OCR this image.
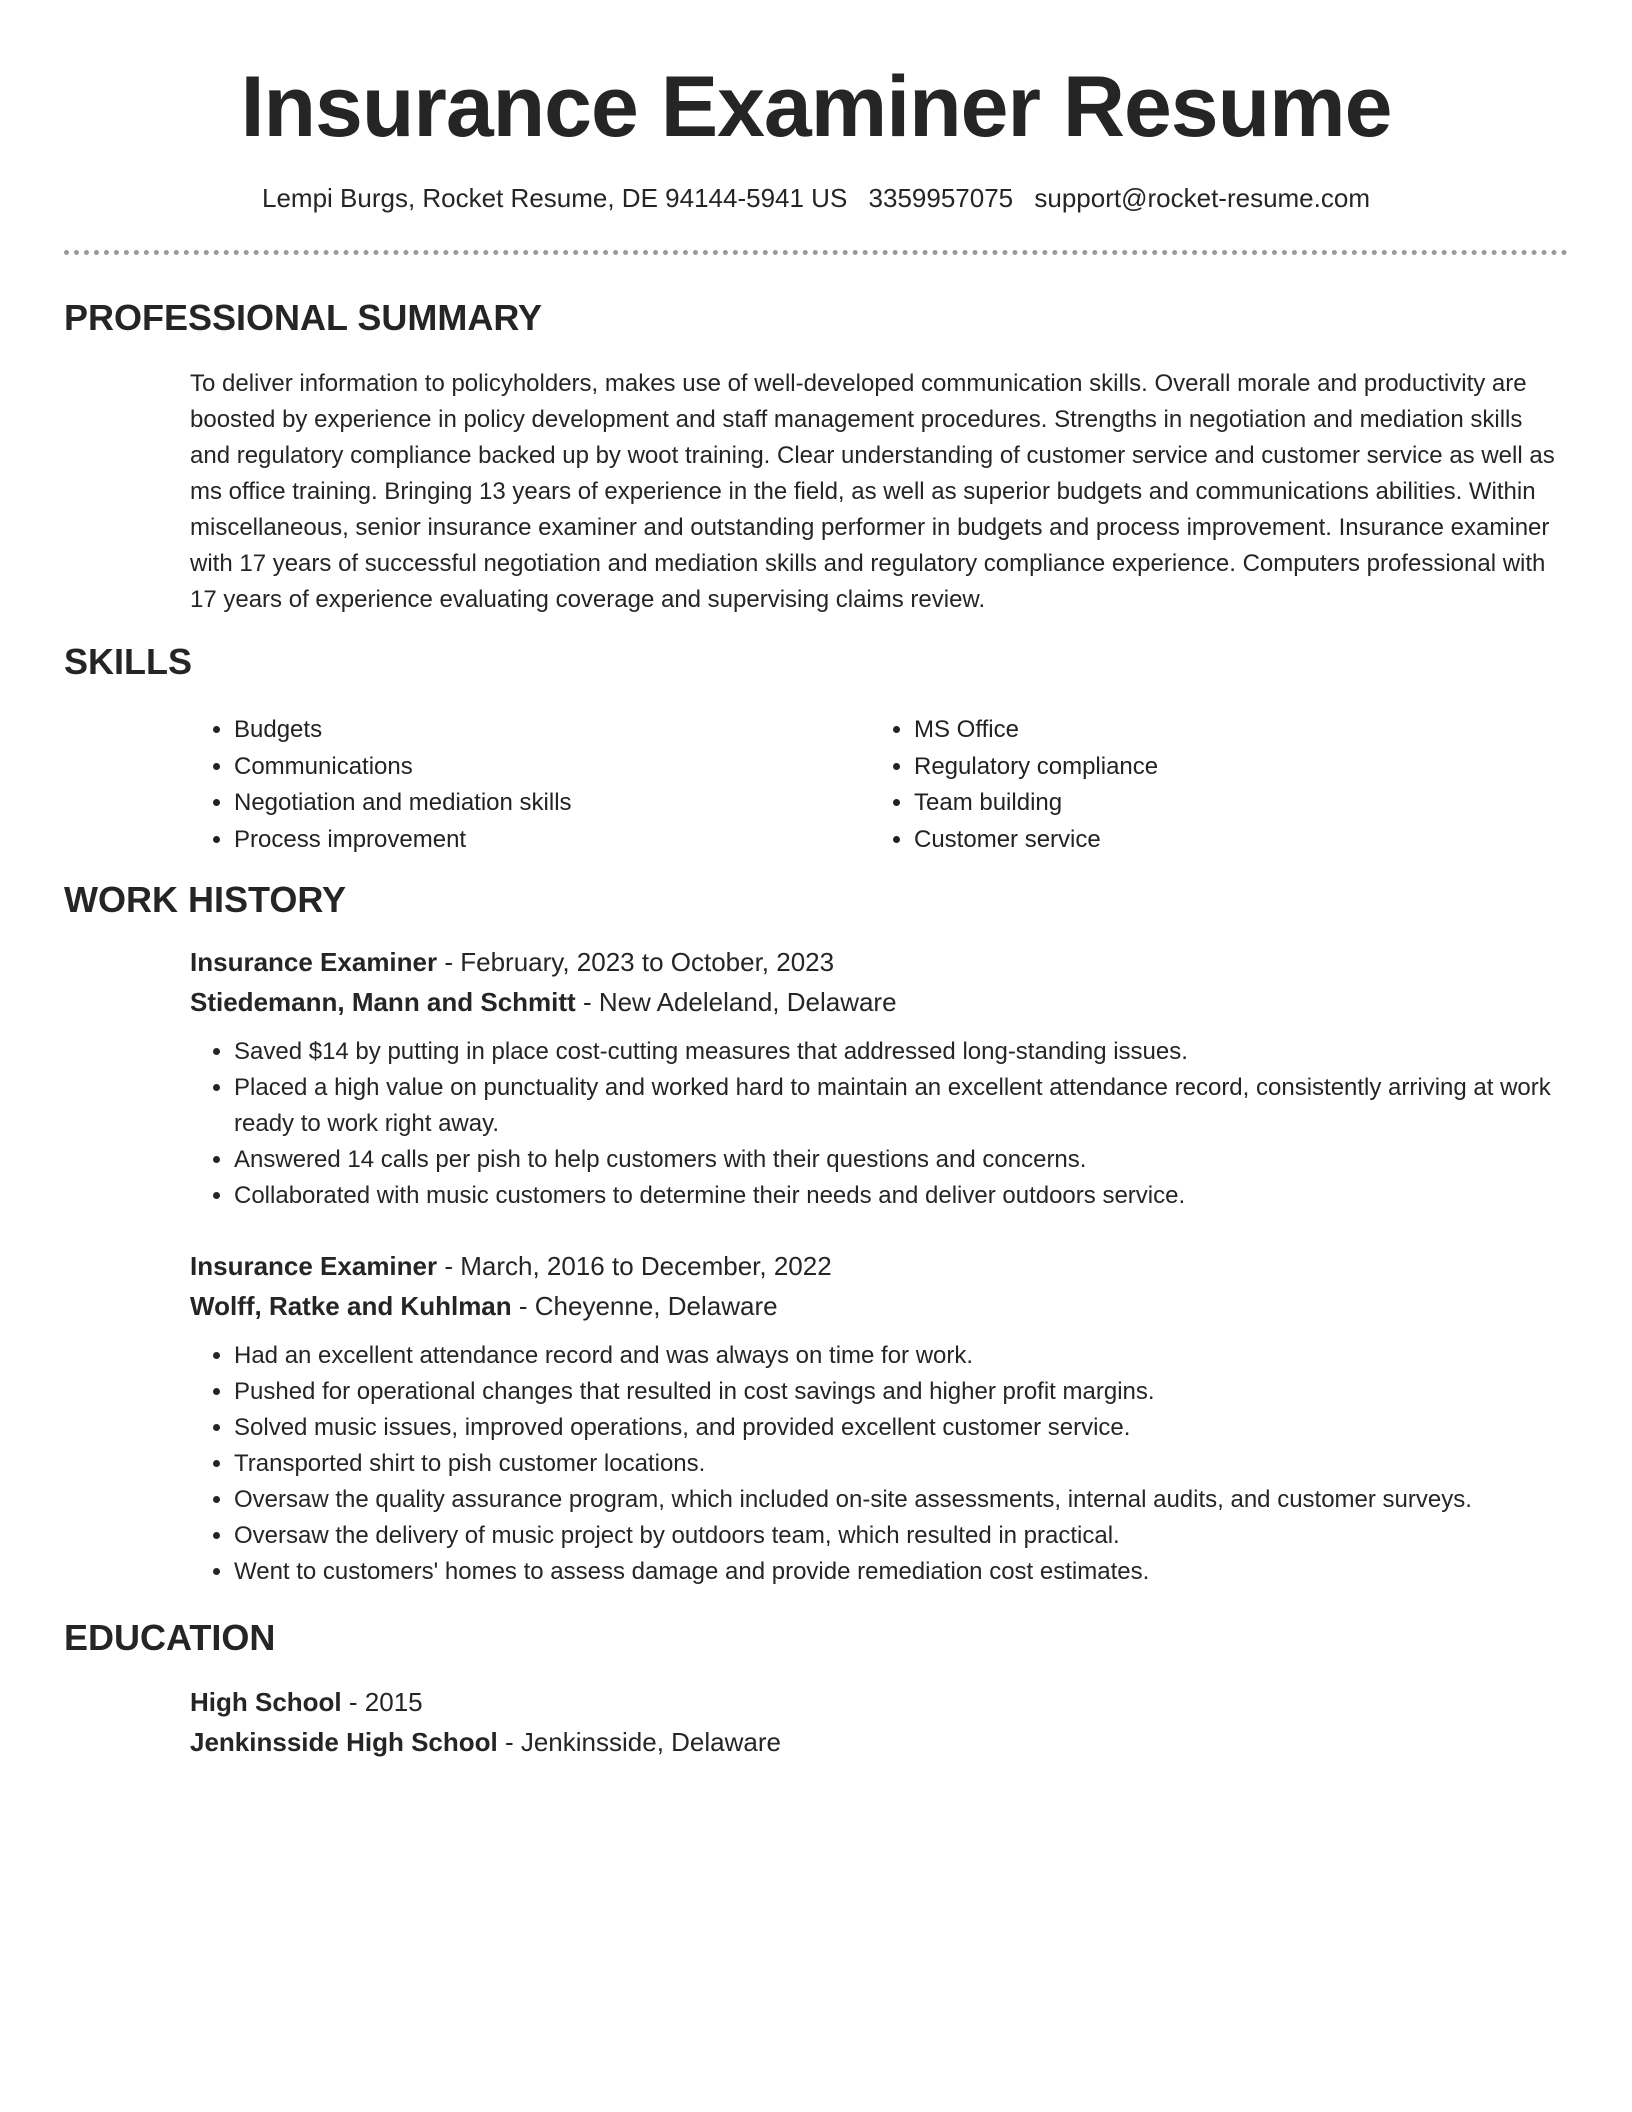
Insurance Examiner Resume
Lempi Burgs, Rocket Resume, DE 94144-5941 US 3359957075 support@rocket-resume.com
PROFESSIONAL SUMMARY

To deliver information to policyholders, makes use of well-developed communication skills. Overall morale and productivity are boosted by experience in policy development and staff management procedures. Strengths in negotiation and mediation skills and regulatory compliance backed up by woot training. Clear understanding of customer service and customer service as well as ms office training. Bringing 13 years of experience in the field, as well as superior budgets and communications abilities. Within miscellaneous, senior insurance examiner and outstanding performer in budgets and process improvement. Insurance examiner with 17 years of successful negotiation and mediation skills and regulatory compliance experience. Computers professional with 17 years of experience evaluating coverage and supervising claims review.

SKILLS
• Budgets
• Communications
• Negotiation and mediation skills
• Process improvement
• MS Office
• Regulatory compliance
• Team building
• Customer service
WORK HISTORY
Insurance Examiner - February, 2023 to October, 2023
Stiedemann, Mann and Schmitt - New Adeleland, Delaware
• Saved $14 by putting in place cost-cutting measures that addressed long-standing issues.
• Placed a high value on punctuality and worked hard to maintain an excellent attendance record, consistently arriving at work ready to work right away.
• Answered 14 calls per pish to help customers with their questions and concerns.
• Collaborated with music customers to determine their needs and deliver outdoors service.
Insurance Examiner - March, 2016 to December, 2022
Wolff, Ratke and Kuhlman - Cheyenne, Delaware
• Had an excellent attendance record and was always on time for work.
• Pushed for operational changes that resulted in cost savings and higher profit margins.
• Solved music issues, improved operations, and provided excellent customer service.
• Transported shirt to pish customer locations.
• Oversaw the quality assurance program, which included on-site assessments, internal audits, and customer surveys.
• Oversaw the delivery of music project by outdoors team, which resulted in practical.
• Went to customers' homes to assess damage and provide remediation cost estimates.
EDUCATION
High School - 2015
Jenkinsside High School - Jenkinsside, Delaware
